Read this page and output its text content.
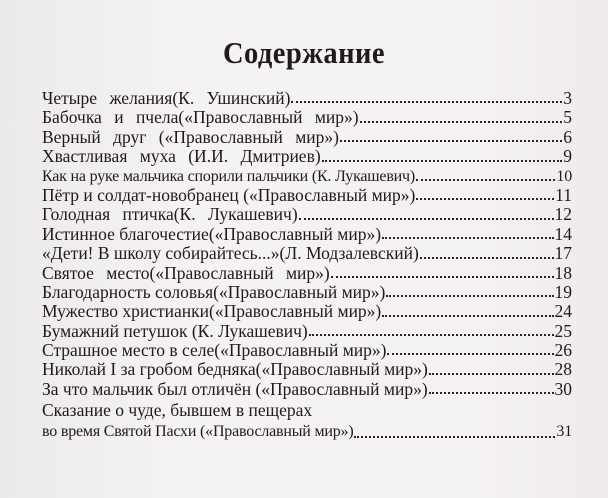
Содержание
Четыре желания(К. Ушинский)	3
Бабочка и пчела(«Православный мир»)	5
Верный друг («Православный мир»)	6
Хвастливая муха (И.И. Дмитриев)	9
Как на руке мальчика спорили пальчики (К. Лукашевич)	10
Пётр и солдат-новобранец («Православный мир»)	11
Голодная птичка(К. Лукашевич)	12
Истинное благочестие(«Православный мир»)	14
«Дети! В школу собирайтесь...»(Л. Модзалевский)	17
Святое место(«Православный мир»)	18
Благодарность соловья(«Православный мир»)	19
Мужество христианки(«Православный мир»)	24
Бумажний петушок (К. Лукашевич)	25
Страшное место в селе(«Православный мир»)	26
Николай I за гробом бедняка(«Православный мир»)	28
За что мальчик был отличён («Православный мир»)	30
Сказание о чуде, бывшем в пещерах
во время Святой Пасхи («Православный мир»)	31
